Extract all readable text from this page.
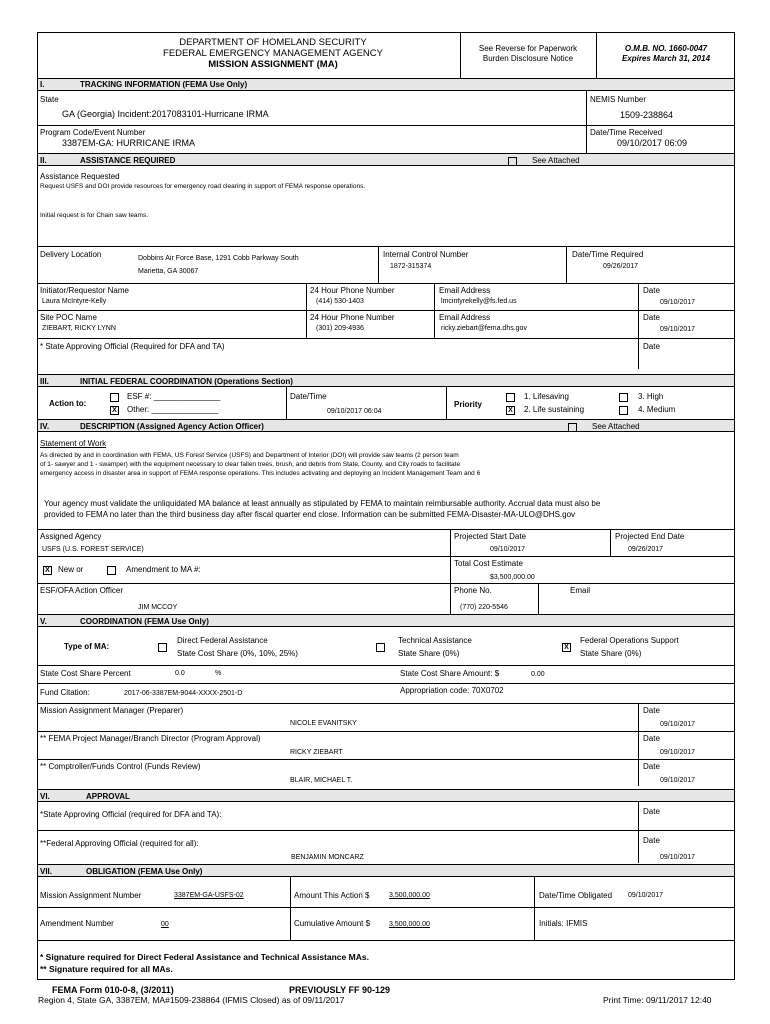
DEPARTMENT OF HOMELAND SECURITY
FEDERAL EMERGENCY MANAGEMENT AGENCY
MISSION ASSIGNMENT (MA)
See Reverse for Paperwork
Burden Disclosure Notice
O.M.B. NO. 1660-0047
Expires March 31, 2014
I.	TRACKING INFORMATION (FEMA Use Only)
State
GA (Georgia) Incident:2017083101-Hurricane IRMA
NEMIS Number
1509-238864
Program Code/Event Number
3387EM-GA: HURRICANE IRMA
Date/Time Received
09/10/2017 06:09
II.	ASSISTANCE REQUIRED	See Attached
Assistance Requested
Request USFS and DOI provide resources for emergency road clearing in support of FEMA response operations.
Initial request is for Chain saw teams.
Delivery Location	Dobbins Air Force Base, 1291 Cobb Parkway South
Marietta, GA 30067
Internal Control Number
1872-315374
Date/Time Required
09/26/2017
Initiator/Requestor Name
Laura McIntyre-Kelly
24 Hour Phone Number
(414) 530-1403
Email Address
lmcintyrekelly@fs.fed.us
Date
09/10/2017
Site POC Name
ZIEBART, RICKY LYNN
24 Hour Phone Number
(301) 209-4936
Email Address
ricky.ziebart@fema.dhs.gov
Date
09/10/2017
* State Approving Official (Required for DFA and TA)	Date
III.	INITIAL FEDERAL COORDINATION (Operations Section)
Action to:
ESF #: _______________
X
Other: _______________
Date/Time
09/10/2017 06:04
Priority
1. Lifesaving
X
2. Life sustaining
3. High
4. Medium
IV.	DESCRIPTION (Assigned Agency Action Officer)	See Attached
Statement of Work
As directed by and in coordination with FEMA, US Forest Service (USFS) and Department of Interior (DOI) will provide saw teams (2 person team
of 1- sawyer and 1 - swamper) with the equipment necessary to clear fallen trees, brush, and debris from State, County, and City roads to facilitate
emergency access in disaster area in support of FEMA response operations. This includes activating and deploying an Incident Management Team and 6
Your agency must validate the unliquidated MA balance at least annually as stipulated by FEMA to maintain reimbursable authority. Accrual data must also be
provided to FEMA no later than the third business day after fiscal quarter end close. Information can be submitted FEMA-Disaster-MA-ULO@DHS.gov
Assigned Agency
USFS (U.S. FOREST SERVICE)
Projected Start Date
09/10/2017
Projected End Date
09/26/2017
X
New or	Amendment to MA #:
Total Cost Estimate
$3,500,000.00
ESF/OFA Action Officer
JIM MCCOY
Phone No.
(770) 220-5546
Email
V.	COORDINATION (FEMA Use Only)
Type of MA:
Direct Federal Assistance
State Cost Share (0%, 10%, 25%)
Technical Assistance
State Share (0%)
X
Federal Operations Support
State Share (0%)
State Cost Share Percent	0.0	%	State Cost Share Amount: $	0.00
Fund Citation:	2017-06-3387EM-9044-XXXX-2501-D	Appropriation code: 70X0702
Mission Assignment Manager (Preparer)
NICOLE EVANITSKY
Date
09/10/2017
** FEMA Project Manager/Branch Director (Program Approval)
RICKY ZIEBART
Date
09/10/2017
** Comptroller/Funds Control (Funds Review)
BLAIR, MICHAEL T.
Date
09/10/2017
VI.	APPROVAL
*State Approving Official (required for DFA and TA):	Date
**Federal Approving Official (required for all):
BENJAMIN MONCARZ
Date
09/10/2017
VII.	OBLIGATION (FEMA Use Only)
Mission Assignment Number	3387EM-GA-USFS-02	Amount This Action $	3,500,000.00	Date/Time Obligated 09/10/2017
Amendment Number	00	Cumulative Amount $	3,500,000.00	Initials: IFMIS
* Signature required for Direct Federal Assistance and Technical Assistance MAs.
** Signature required for all MAs.
FEMA Form 010-0-8, (3/2011)	PREVIOUSLY FF 90-129
Region 4, State GA, 3387EM, MA#1509-238864 (IFMIS Closed) as of 09/11/2017	Print Time: 09/11/2017 12:40
